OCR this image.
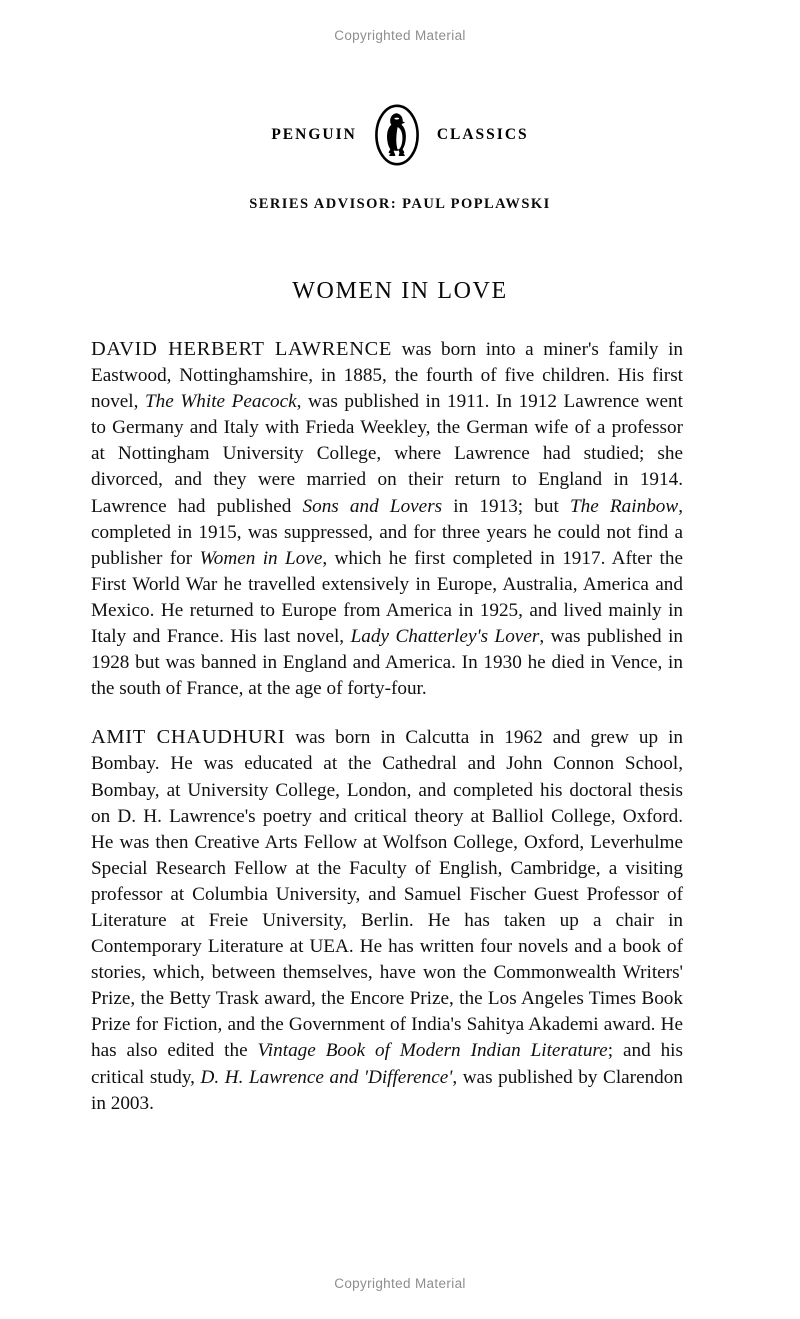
Copyrighted Material
PENGUIN	CLASSICS
SERIES ADVISOR: PAUL POPLAWSKI
WOMEN IN LOVE

DAVID HERBERT LAWRENCE was born into a miner's family in Eastwood, Nottinghamshire, in 1885, the fourth of five children. His first novel, The White Peacock, was published in 1911. In 1912 Lawrence went to Germany and Italy with Frieda Weekley, the German wife of a professor at Nottingham University College, where Lawrence had studied; she divorced, and they were married on their return to England in 1914. Lawrence had published Sons and Lovers in 1913; but The Rainbow, completed in 1915, was suppressed, and for three years he could not find a publisher for Women in Love, which he first completed in 1917. After the First World War he travelled extensively in Europe, Australia, America and Mexico. He returned to Europe from America in 1925, and lived mainly in Italy and France. His last novel, Lady Chatterley's Lover, was published in 1928 but was banned in England and America. In 1930 he died in Vence, in the south of France, at the age of forty-four.

AMIT CHAUDHURI was born in Calcutta in 1962 and grew up in Bombay. He was educated at the Cathedral and John Connon School, Bombay, at University College, London, and completed his doctoral thesis on D. H. Lawrence's poetry and critical theory at Balliol College, Oxford. He was then Creative Arts Fellow at Wolfson College, Oxford, Leverhulme Special Research Fellow at the Faculty of English, Cambridge, a visiting professor at Columbia University, and Samuel Fischer Guest Professor of Literature at Freie University, Berlin. He has taken up a chair in Contemporary Literature at UEA. He has written four novels and a book of stories, which, between themselves, have won the Commonwealth Writers' Prize, the Betty Trask award, the Encore Prize, the Los Angeles Times Book Prize for Fiction, and the Government of India's Sahitya Akademi award. He has also edited the Vintage Book of Modern Indian Literature; and his critical study, D. H. Lawrence and 'Difference', was published by Clarendon in 2003.

Copyrighted Material
